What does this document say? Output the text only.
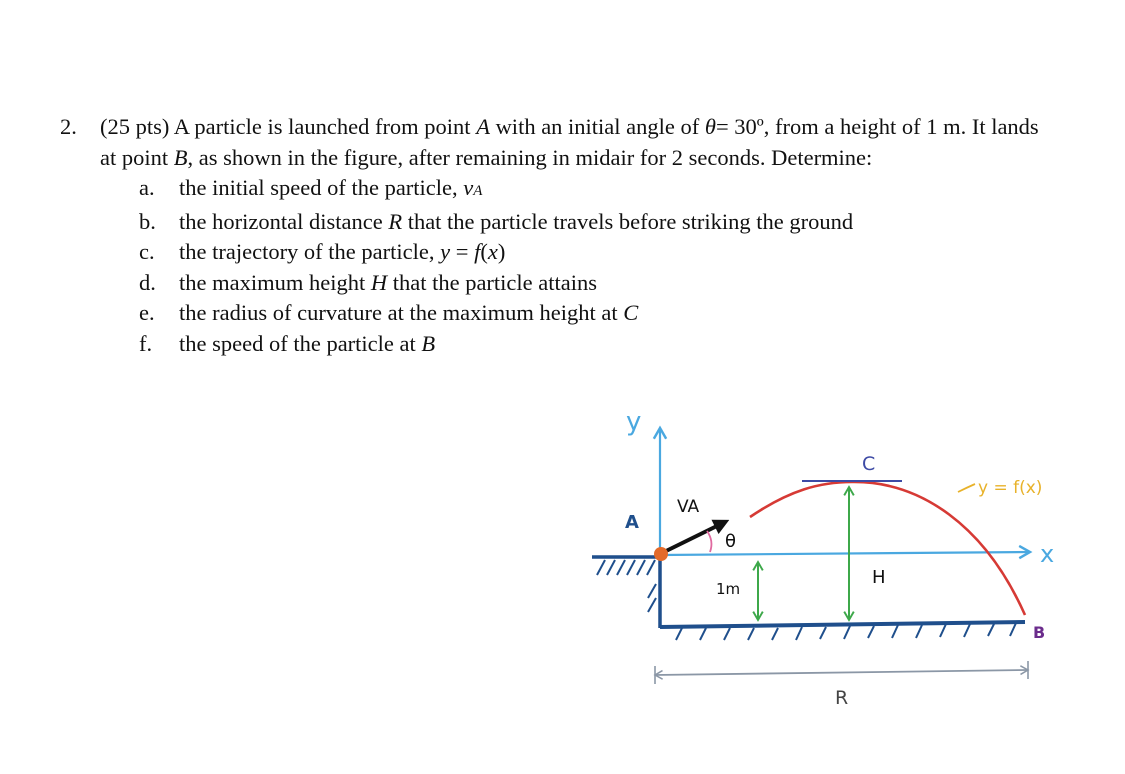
2.	(25 pts) A particle is launched from point A with an initial angle of θ= 30º, from a height of 1 m. It lands at point B, as shown in the figure, after remaining in midair for 2 seconds. Determine:
a.	the initial speed of the particle, vA
b.	the horizontal distance R that the particle travels before striking the ground
c.	the trajectory of the particle, y = f(x)
d.	the maximum height H that the particle attains
e.	the radius of curvature at the maximum height at C
f.	the speed of the particle at B
y
x
A
VA
θ
1m
C
H
y = f(x)
B
R
